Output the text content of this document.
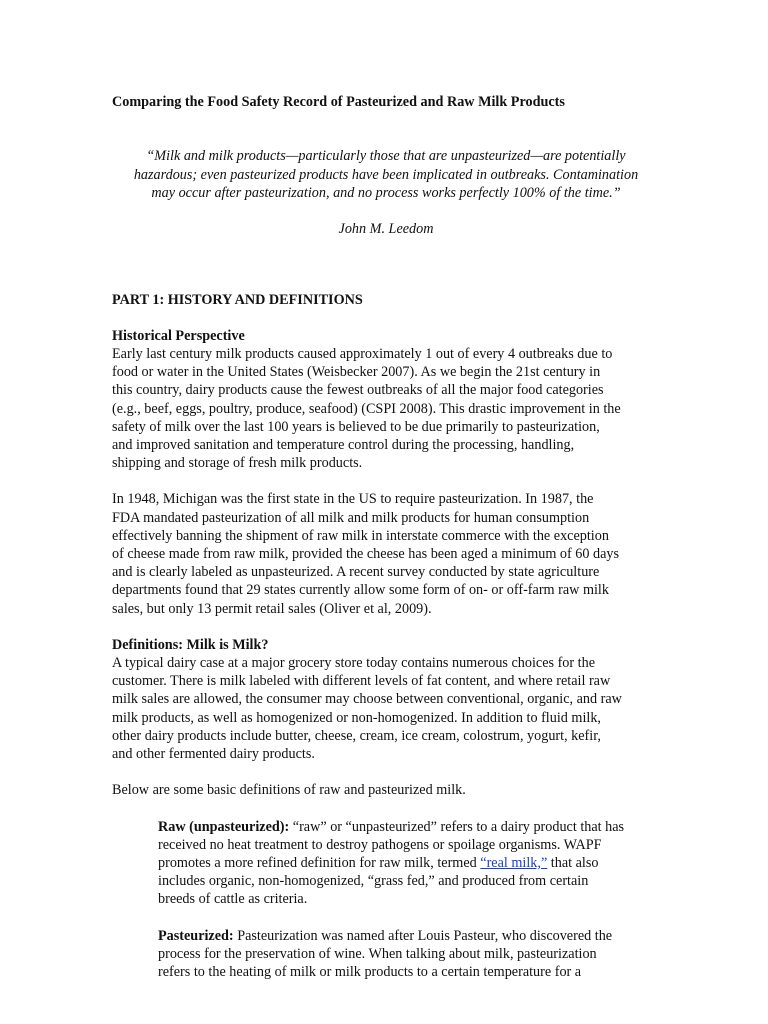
Comparing the Food Safety Record of Pasteurized and Raw Milk Products

“Milk and milk products—particularly those that are unpasteurized—are potentially
hazardous; even pasteurized products have been implicated in outbreaks. Contamination
may occur after pasteurization, and no process works perfectly 100% of the time.”

John M. Leedom

PART 1: HISTORY AND DEFINITIONS
Historical Perspective

Early last century milk products caused approximately 1 out of every 4 outbreaks due to
food or water in the United States (Weisbecker 2007). As we begin the 21st century in
this country, dairy products cause the fewest outbreaks of all the major food categories
(e.g., beef, eggs, poultry, produce, seafood) (CSPI 2008). This drastic improvement in the
safety of milk over the last 100 years is believed to be due primarily to pasteurization,
and improved sanitation and temperature control during the processing, handling,
shipping and storage of fresh milk products.

In 1948, Michigan was the first state in the US to require pasteurization. In 1987, the
FDA mandated pasteurization of all milk and milk products for human consumption
effectively banning the shipment of raw milk in interstate commerce with the exception
of cheese made from raw milk, provided the cheese has been aged a minimum of 60 days
and is clearly labeled as unpasteurized. A recent survey conducted by state agriculture
departments found that 29 states currently allow some form of on- or off-farm raw milk
sales, but only 13 permit retail sales (Oliver et al, 2009).

Definitions: Milk is Milk?

A typical dairy case at a major grocery store today contains numerous choices for the
customer. There is milk labeled with different levels of fat content, and where retail raw
milk sales are allowed, the consumer may choose between conventional, organic, and raw
milk products, as well as homogenized or non-homogenized. In addition to fluid milk,
other dairy products include butter, cheese, cream, ice cream, colostrum, yogurt, kefir,
and other fermented dairy products.

Below are some basic definitions of raw and pasteurized milk.

Raw (unpasteurized): “raw” or “unpasteurized” refers to a dairy product that has
received no heat treatment to destroy pathogens or spoilage organisms. WAPF
promotes a more refined definition for raw milk, termed “real milk,” that also
includes organic, non-homogenized, “grass fed,” and produced from certain
breeds of cattle as criteria.

Pasteurized: Pasteurization was named after Louis Pasteur, who discovered the
process for the preservation of wine. When talking about milk, pasteurization
refers to the heating of milk or milk products to a certain temperature for a
